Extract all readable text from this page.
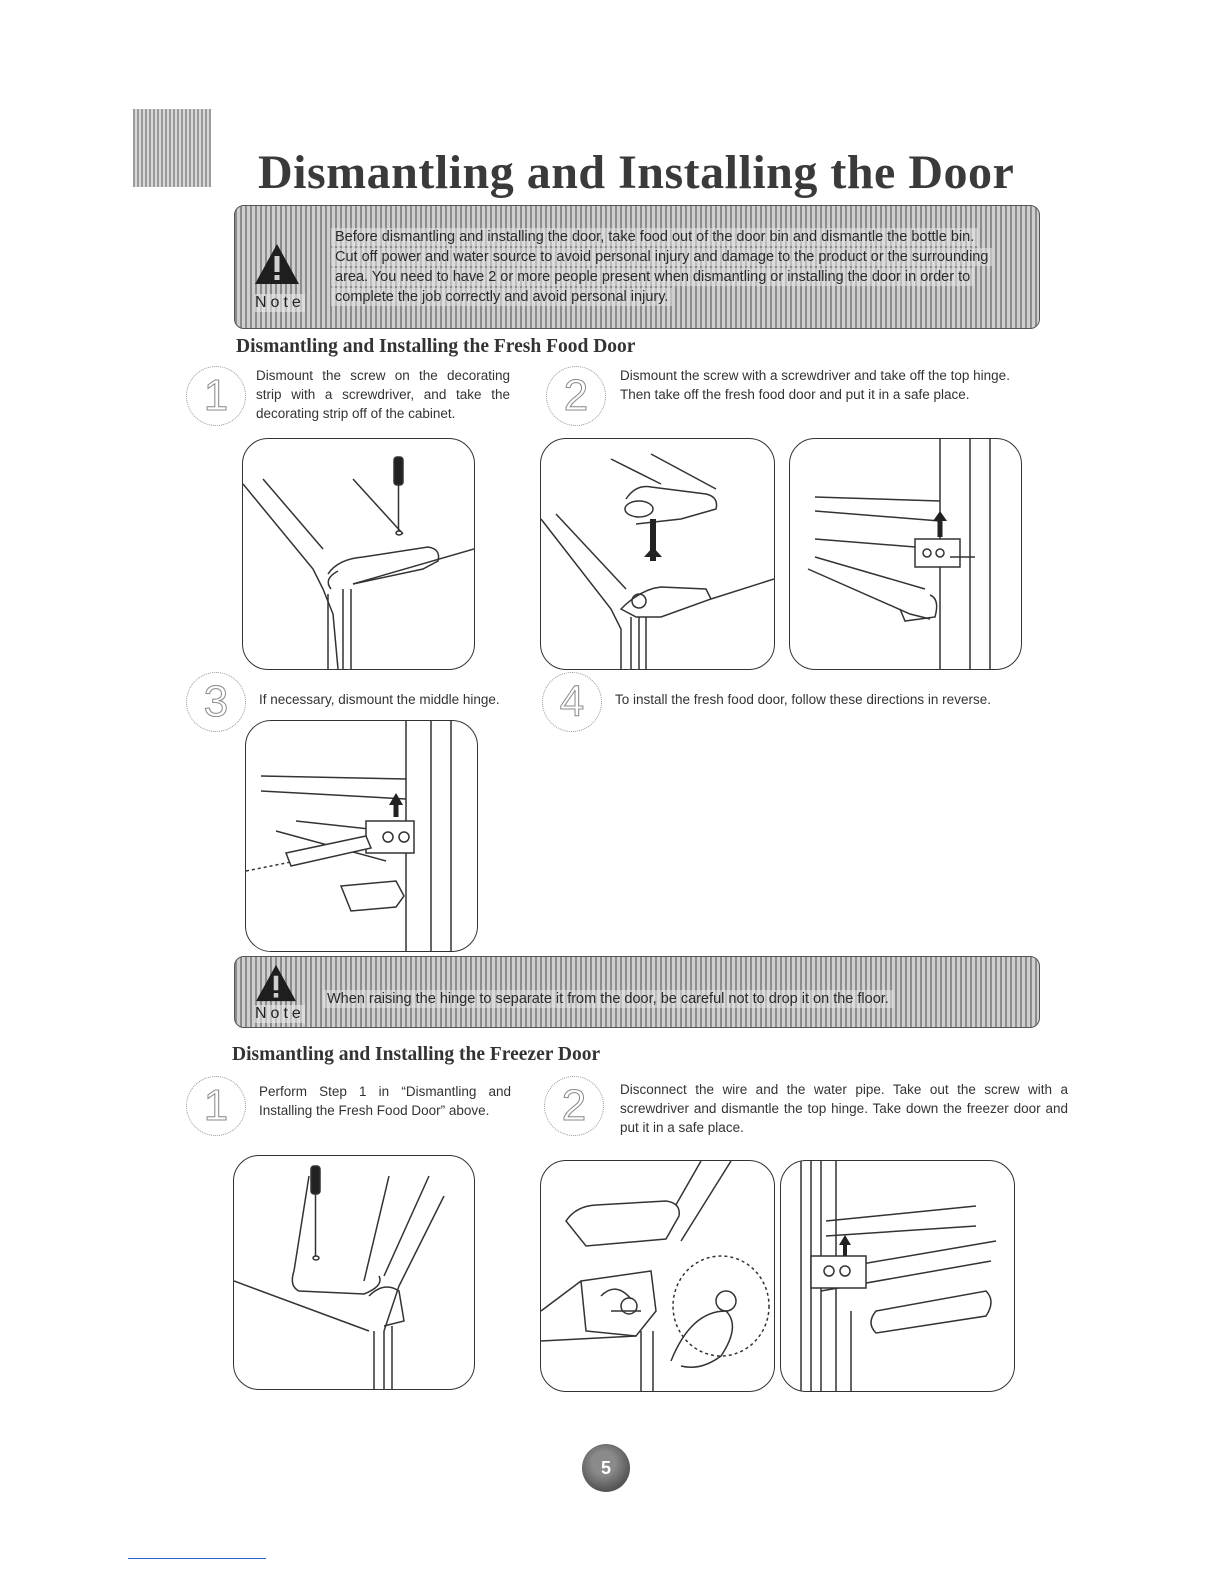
Dismantling and Installing the Door
Note
Before dismantling and installing the door, take food out of the door bin and dismantle the bottle bin.
Cut off power and water source to avoid personal injury and damage to the product or the surrounding
area. You need to have 2 or more people present when dismantling or installing the door in order to
complete the job correctly and avoid personal injury.
Dismantling and Installing the Fresh Food Door
1	Dismount the screw on the decorating strip with a screwdriver, and take the decorating strip off of the cabinet.	2	Dismount the screw with a screwdriver and take off the top hinge. Then take off the fresh food door and put it in a safe place.
3	If necessary, dismount the middle hinge.	4	To install the fresh food door, follow these directions in reverse.
Note
When raising the hinge to separate it from the door, be careful not to drop it on the floor.
Dismantling and Installing the Freezer Door
1	Perform Step 1 in “Dismantling and Installing the Fresh Food Door” above.	2	Disconnect the wire and the water pipe. Take out the screw with a screwdriver and dismantle the top hinge. Take down the freezer door and put it in a safe place.
5
